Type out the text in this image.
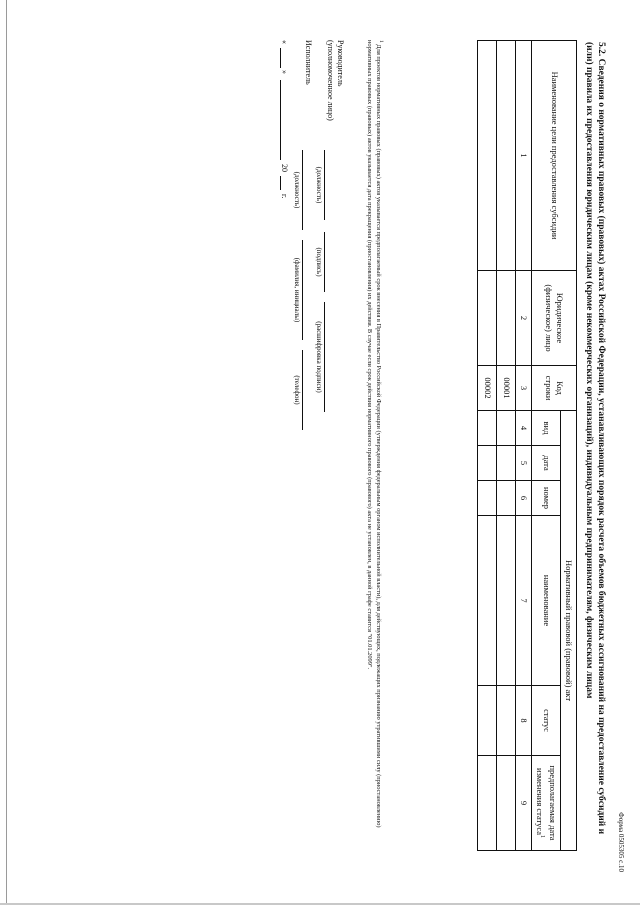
Форма 0505305 с.10
5.2. Сведения о нормативных правовых (правовых) актах Российской Федерации, устанавливающих порядок расчета объемов бюджетных ассигнований на предоставление субсидий и (или) правила их предоставления юридическим лицам (кроме некоммерческих организаций), индивидуальным предпринимателям, физическим лицам
Наименование цели предоставления субсидии	Юридическое (физическое) лицо	Код строки	Нормативный правовой (правовой) акт					
			вид	дата	номер	наименование	статус	предполагаемая дата изменения статуса$^1$
1	2	3	4	5	6	7	8	9
		00001						
		00002						
$^1$ Для проектов нормативных правовых (правовых) актов указывается предполагаемый срок внесения в Правительство Российской Федерации (утверждения федеральным органом исполнительной власти), для действующих, подлежащих признанию утратившими силу (приостановлению) нормативных правовых (правовых) актов указывается дата прекращения (приостановления) их действия. В случае если срок действия нормативного правового (правового) акта не установлен, в данной графе ставится "01.01.2099".
Руководитель
(уполномоченное лицо)
(должность)
(подпись)
(расшифровка подписи)
Исполнитель
(должность)
(фамилия, инициалы)
(телефон)
«
»
20
г.
